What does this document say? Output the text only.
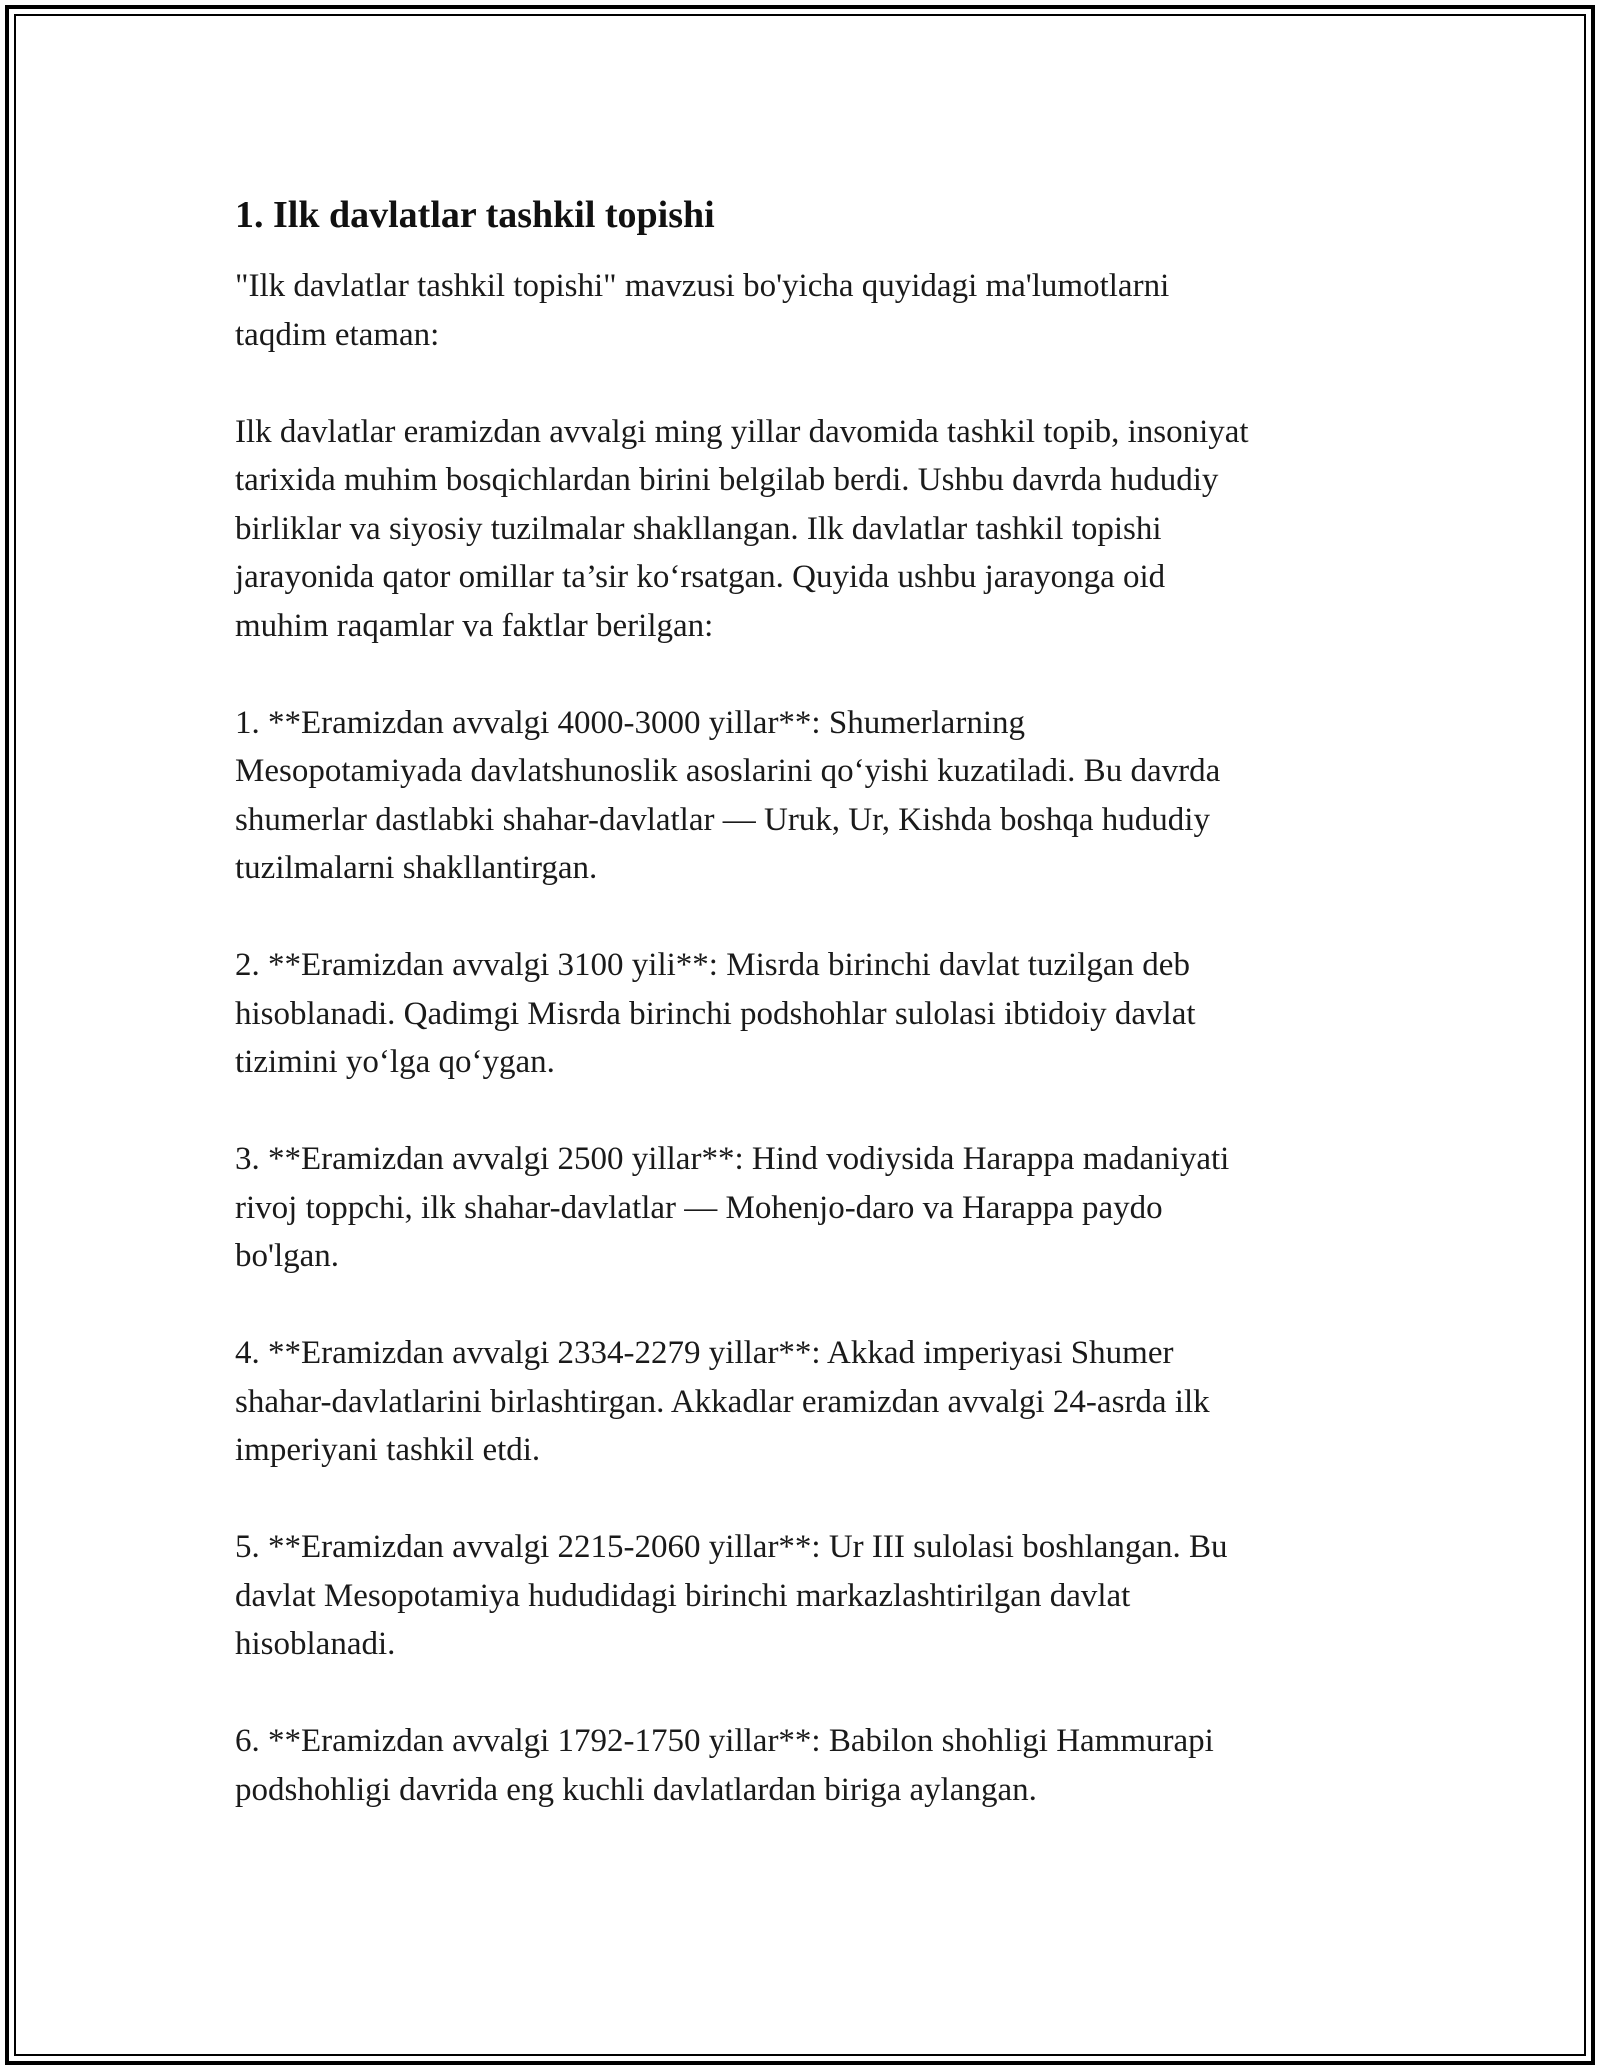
1. Ilk davlatlar tashkil topishi

"Ilk davlatlar tashkil topishi" mavzusi bo'yicha quyidagi ma'lumotlarni
taqdim etaman:

Ilk davlatlar eramizdan avvalgi ming yillar davomida tashkil topib, insoniyat
tarixida muhim bosqichlardan birini belgilab berdi. Ushbu davrda hududiy
birliklar va siyosiy tuzilmalar shakllangan. Ilk davlatlar tashkil topishi
jarayonida qator omillar ta’sir ko‘rsatgan. Quyida ushbu jarayonga oid
muhim raqamlar va faktlar berilgan:

1. **Eramizdan avvalgi 4000-3000 yillar**: Shumerlarning
Mesopotamiyada davlatshunoslik asoslarini qo‘yishi kuzatiladi. Bu davrda
shumerlar dastlabki shahar-davlatlar — Uruk, Ur, Kishda boshqa hududiy
tuzilmalarni shakllantirgan.

2. **Eramizdan avvalgi 3100 yili**: Misrda birinchi davlat tuzilgan deb
hisoblanadi. Qadimgi Misrda birinchi podshohlar sulolasi ibtidoiy davlat
tizimini yo‘lga qo‘ygan.

3. **Eramizdan avvalgi 2500 yillar**: Hind vodiysida Harappa madaniyati
rivoj toppchi, ilk shahar-davlatlar — Mohenjo-daro va Harappa paydo
bo'lgan.

4. **Eramizdan avvalgi 2334-2279 yillar**: Akkad imperiyasi Shumer
shahar-davlatlarini birlashtirgan. Akkadlar eramizdan avvalgi 24-asrda ilk
imperiyani tashkil etdi.

5. **Eramizdan avvalgi 2215-2060 yillar**: Ur III sulolasi boshlangan. Bu
davlat Mesopotamiya hududidagi birinchi markazlashtirilgan davlat
hisoblanadi.

6. **Eramizdan avvalgi 1792-1750 yillar**: Babilon shohligi Hammurapi
podshohligi davrida eng kuchli davlatlardan biriga aylangan.
